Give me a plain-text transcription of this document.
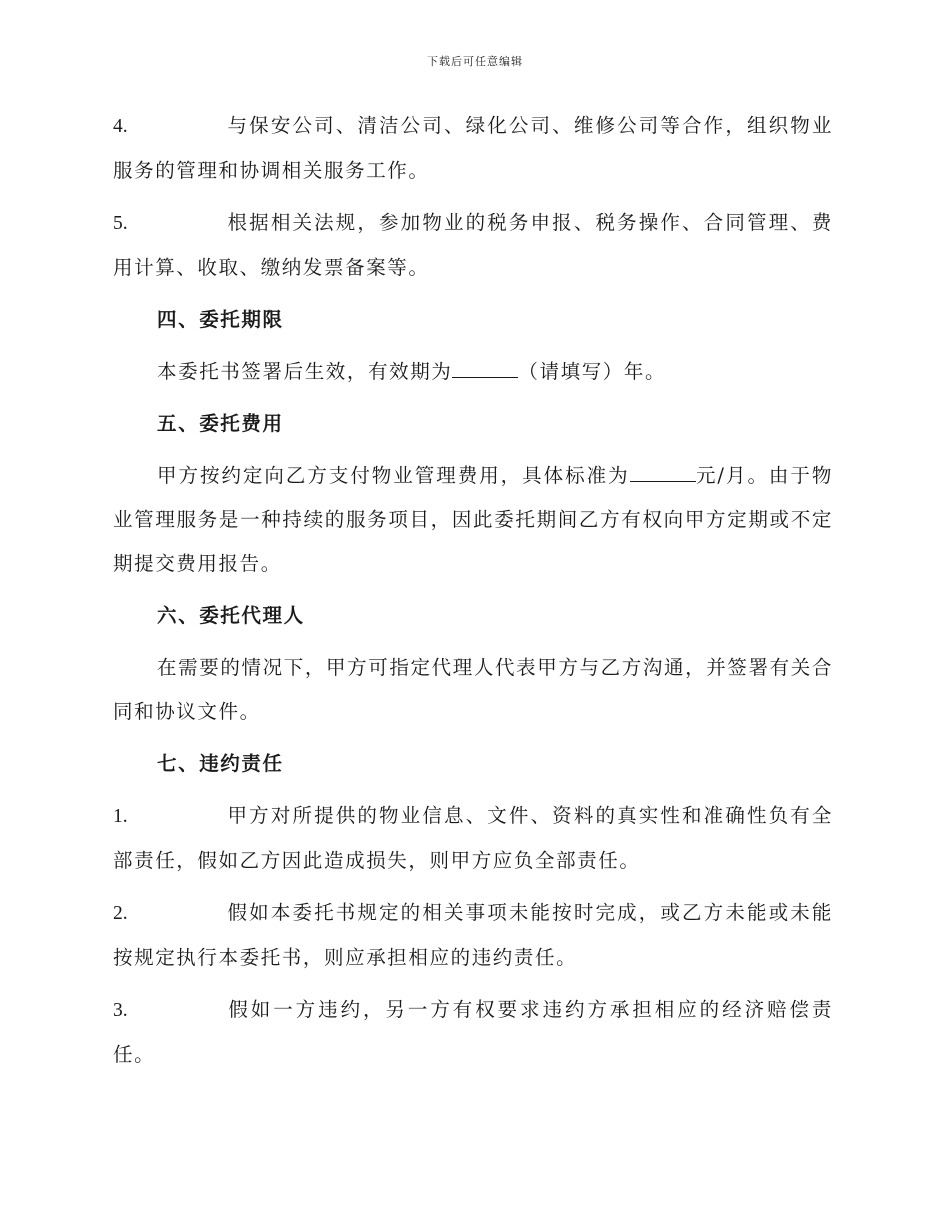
下载后可任意编辑

4.	与保安公司、清洁公司、绿化公司、维修公司等合作，组织物业服务的管理和协调相关服务工作。

5.	根据相关法规，参加物业的税务申报、税务操作、合同管理、费用计算、收取、缴纳发票备案等。

四、委托期限

本委托书签署后生效，有效期为	（请填写）年。

五、委托费用

甲方按约定向乙方支付物业管理费用，具体标准为	元/月。由于物业管理服务是一种持续的服务项目，因此委托期间乙方有权向甲方定期或不定期提交费用报告。

六、委托代理人

在需要的情况下，甲方可指定代理人代表甲方与乙方沟通，并签署有关合同和协议文件。

七、违约责任

1.	甲方对所提供的物业信息、文件、资料的真实性和准确性负有全部责任，假如乙方因此造成损失，则甲方应负全部责任。

2.	假如本委托书规定的相关事项未能按时完成，或乙方未能或未能按规定执行本委托书，则应承担相应的违约责任。

3.	假如一方违约，另一方有权要求违约方承担相应的经济赔偿责任。
